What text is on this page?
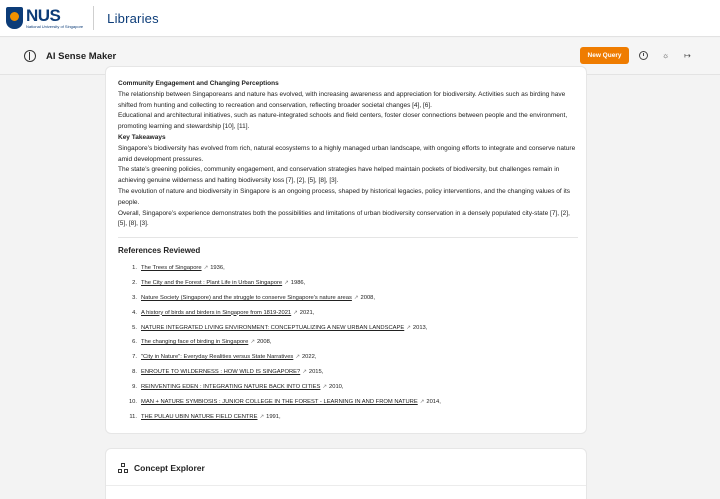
NUS
National University of Singapore
Libraries
AI Sense Maker	New Query	☼ ↦
Community Engagement and Changing Perceptions
The relationship between Singaporeans and nature has evolved, with increasing awareness and appreciation for biodiversity. Activities such as birding have shifted from hunting and collecting to recreation and conservation, reflecting broader societal changes [4], [6].
Educational and architectural initiatives, such as nature-integrated schools and field centers, foster closer connections between people and the environment, promoting learning and stewardship [10], [11].
Key Takeaways
Singapore’s biodiversity has evolved from rich, natural ecosystems to a highly managed urban landscape, with ongoing efforts to integrate and conserve nature amid development pressures.
The state’s greening policies, community engagement, and conservation strategies have helped maintain pockets of biodiversity, but challenges remain in achieving genuine wilderness and halting biodiversity loss [7], [2], [5], [8], [3].
The evolution of nature and biodiversity in Singapore is an ongoing process, shaped by historical legacies, policy interventions, and the changing values of its people.
Overall, Singapore’s experience demonstrates both the possibilities and limitations of urban biodiversity conservation in a densely populated city-state [7], [2], [5], [8], [3].
References Reviewed
1. The Trees of Singapore ↗ 1936,
2. The City and the Forest : Plant Life in Urban Singapore ↗ 1986,
3. Nature Society (Singapore) and the struggle to conserve Singapore's nature areas ↗ 2008,
4. A history of birds and birders in Singapore from 1819-2021 ↗ 2021,
5. NATURE INTEGRATED LIVING ENVIRONMENT: CONCEPTUALIZING A NEW URBAN LANDSCAPE ↗ 2013,
6. The changing face of birding in Singapore ↗ 2008,
7. "City in Nature": Everyday Realities versus State Narratives ↗ 2022,
8. ENROUTE TO WILDERNESS : HOW WILD IS SINGAPORE? ↗ 2015,
9. REINVENTING EDEN : INTEGRATING NATURE BACK INTO CITIES ↗ 2010,
10. MAN + NATURE SYMBIOSIS : JUNIOR COLLEGE IN THE FOREST - LEARNING IN AND FROM NATURE ↗ 2014,
11. THE PULAU UBIN NATURE FIELD CENTRE ↗ 1991,
Concept Explorer
